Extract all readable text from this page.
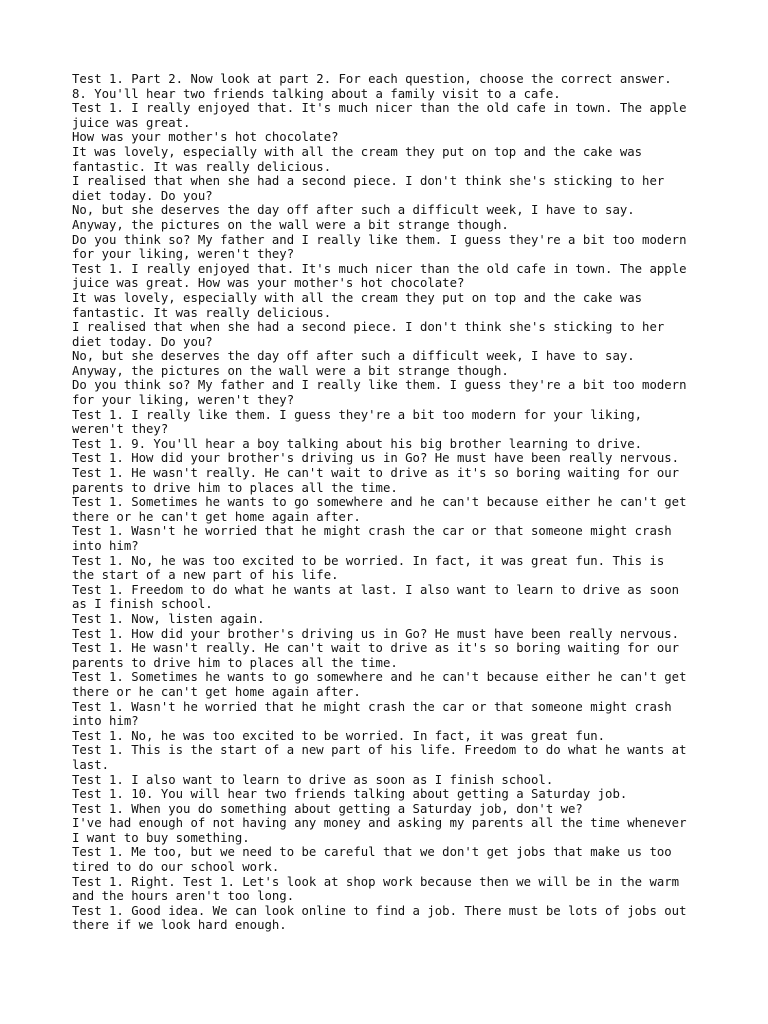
Test 1. Part 2. Now look at part 2. For each question, choose the correct answer.

8. You'll hear two friends talking about a family visit to a cafe.

Test 1. I really enjoyed that. It's much nicer than the old cafe in town. The apple

juice was great.

How was your mother's hot chocolate?

It was lovely, especially with all the cream they put on top and the cake was

fantastic. It was really delicious.

I realised that when she had a second piece. I don't think she's sticking to her

diet today. Do you?

No, but she deserves the day off after such a difficult week, I have to say.

Anyway, the pictures on the wall were a bit strange though.

Do you think so? My father and I really like them. I guess they're a bit too modern

for your liking, weren't they?

Test 1. I really enjoyed that. It's much nicer than the old cafe in town. The apple

juice was great. How was your mother's hot chocolate?

It was lovely, especially with all the cream they put on top and the cake was

fantastic. It was really delicious.

I realised that when she had a second piece. I don't think she's sticking to her

diet today. Do you?

No, but she deserves the day off after such a difficult week, I have to say.

Anyway, the pictures on the wall were a bit strange though.

Do you think so? My father and I really like them. I guess they're a bit too modern

for your liking, weren't they?

Test 1. I really like them. I guess they're a bit too modern for your liking,

weren't they?

Test 1. 9. You'll hear a boy talking about his big brother learning to drive.

Test 1. How did your brother's driving us in Go? He must have been really nervous.

Test 1. He wasn't really. He can't wait to drive as it's so boring waiting for our

parents to drive him to places all the time.

Test 1. Sometimes he wants to go somewhere and he can't because either he can't get

there or he can't get home again after.

Test 1. Wasn't he worried that he might crash the car or that someone might crash

into him?

Test 1. No, he was too excited to be worried. In fact, it was great fun. This is

the start of a new part of his life.

Test 1. Freedom to do what he wants at last. I also want to learn to drive as soon

as I finish school.

Test 1. Now, listen again.

Test 1. How did your brother's driving us in Go? He must have been really nervous.

Test 1. He wasn't really. He can't wait to drive as it's so boring waiting for our

parents to drive him to places all the time.

Test 1. Sometimes he wants to go somewhere and he can't because either he can't get

there or he can't get home again after.

Test 1. Wasn't he worried that he might crash the car or that someone might crash

into him?

Test 1. No, he was too excited to be worried. In fact, it was great fun.

Test 1. This is the start of a new part of his life. Freedom to do what he wants at

last.

Test 1. I also want to learn to drive as soon as I finish school.

Test 1. 10. You will hear two friends talking about getting a Saturday job.

Test 1. When you do something about getting a Saturday job, don't we?

I've had enough of not having any money and asking my parents all the time whenever

I want to buy something.

Test 1. Me too, but we need to be careful that we don't get jobs that make us too

tired to do our school work.

Test 1. Right. Test 1. Let's look at shop work because then we will be in the warm

and the hours aren't too long.

Test 1. Good idea. We can look online to find a job. There must be lots of jobs out

there if we look hard enough.
